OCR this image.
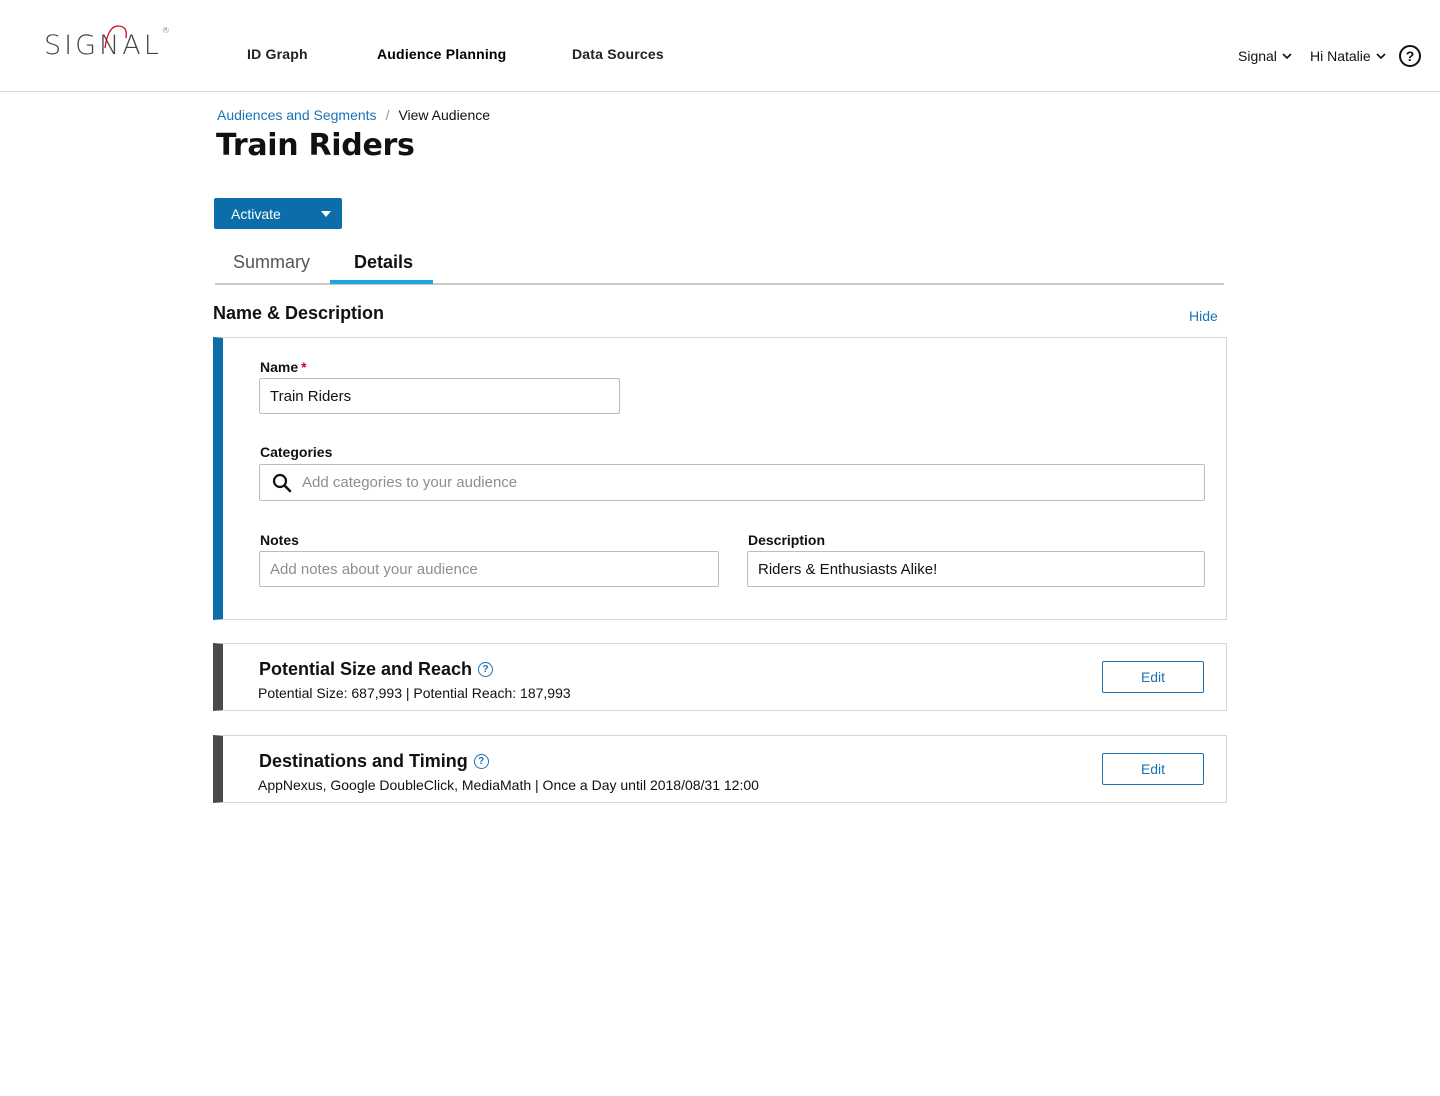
SIGNAL ®
ID Graph	Audience Planning	Data Sources	Signal Hi Natalie	?
Audiences and Segments / View Audience
Train Riders
Activate
Summary Details
Name & Description	Hide
Name *
Train Riders
Categories
Add categories to your audience
Notes
Add notes about your audience	Description
Riders & Enthusiasts Alike!
Potential Size and Reach	?
Potential Size: 687,993 | Potential Reach: 187,993
Edit
Destinations and Timing	?
AppNexus, Google DoubleClick, MediaMath | Once a Day until 2018/08/31 12:00
Edit
